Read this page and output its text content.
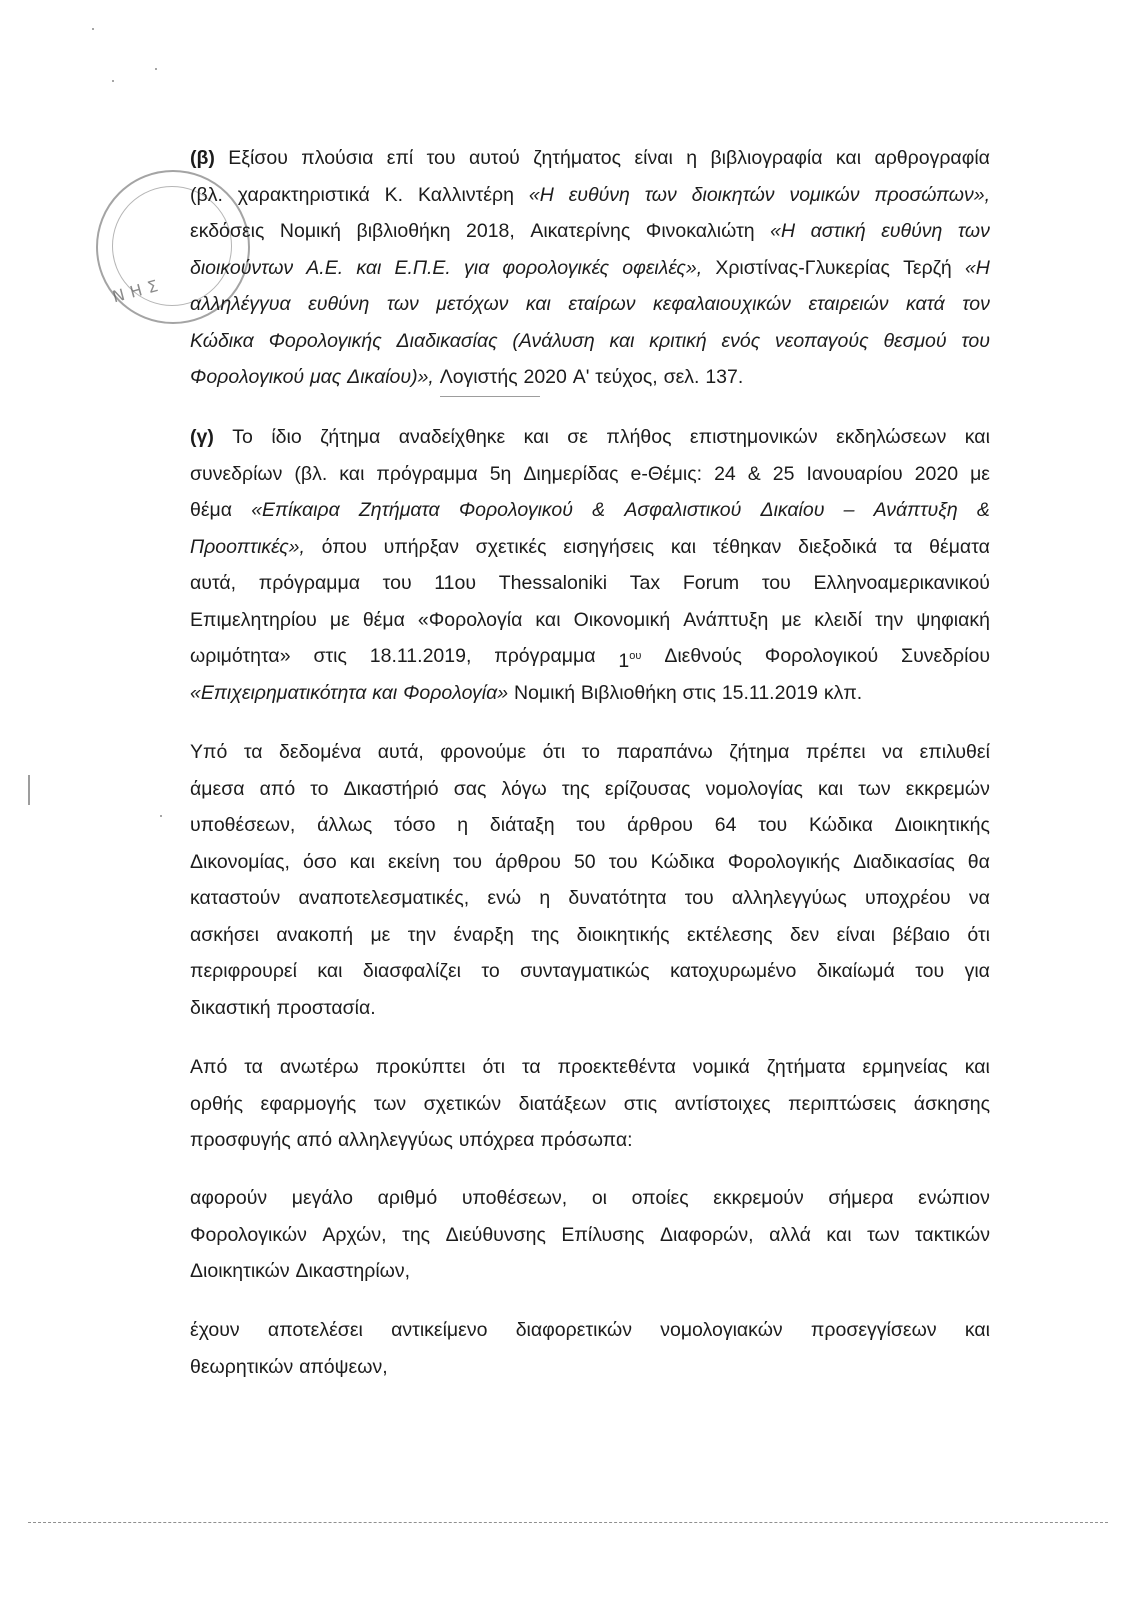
ΝΗΣ
(β) Εξίσου πλούσια επί του αυτού ζητήματος είναι η βιβλιογραφία και αρθρογραφία
(βλ. χαρακτηριστικά Κ. Καλλιντέρη «Η ευθύνη των διοικητών νομικών προσώπων»,
εκδόσεις Νομική βιβλιοθήκη 2018, Αικατερίνης Φινοκαλιώτη «Η αστική ευθύνη των
διοικούντων Α.Ε. και Ε.Π.Ε. για φορολογικές οφειλές», Χριστίνας-Γλυκερίας Τερζή «Η
αλληλέγγυα ευθύνη των μετόχων και εταίρων κεφαλαιουχικών εταιρειών κατά τον
Κώδικα Φορολογικής Διαδικασίας (Ανάλυση και κριτική ενός νεοπαγούς θεσμού του
Φορολογικού μας Δικαίου)», Λογιστής 2020 Α' τεύχος, σελ. 137.
(γ) Το ίδιο ζήτημα αναδείχθηκε και σε πλήθος επιστημονικών εκδηλώσεων και
συνεδρίων (βλ. και πρόγραμμα 5η Διημερίδας e-Θέμις: 24 & 25 Ιανουαρίου 2020 με
θέμα «Επίκαιρα Ζητήματα Φορολογικού & Ασφαλιστικού Δικαίου – Ανάπτυξη &
Προοπτικές», όπου υπήρξαν σχετικές εισηγήσεις και τέθηκαν διεξοδικά τα θέματα
αυτά, πρόγραμμα του 11ου Thessaloniki Tax Forum του Ελληνοαμερικανικού
Επιμελητηρίου με θέμα «Φορολογία και Οικονομική Ανάπτυξη με κλειδί την ψηφιακή
ωριμότητα» στις 18.11.2019, πρόγραμμα $1^{o\upsilon}$ Διεθνούς Φορολογικού Συνεδρίου
«Επιχειρηματικότητα και Φορολογία» Νομική Βιβλιοθήκη στις 15.11.2019 κλπ.
Υπό τα δεδομένα αυτά, φρονούμε ότι το παραπάνω ζήτημα πρέπει να επιλυθεί
άμεσα από το Δικαστήριό σας λόγω της ερίζουσας νομολογίας και των εκκρεμών
υποθέσεων, άλλως τόσο η διάταξη του άρθρου 64 του Κώδικα Διοικητικής
Δικονομίας, όσο και εκείνη του άρθρου 50 του Κώδικα Φορολογικής Διαδικασίας θα
καταστούν αναποτελεσματικές, ενώ η δυνατότητα του αλληλεγγύως υποχρέου να
ασκήσει ανακοπή με την έναρξη της διοικητικής εκτέλεσης δεν είναι βέβαιο ότι
περιφρουρεί και διασφαλίζει το συνταγματικώς κατοχυρωμένο δικαίωμά του για
δικαστική προστασία.
Από τα ανωτέρω προκύπτει ότι τα προεκτεθέντα νομικά ζητήματα ερμηνείας και
ορθής εφαρμογής των σχετικών διατάξεων στις αντίστοιχες περιπτώσεις άσκησης
προσφυγής από αλληλεγγύως υπόχρεα πρόσωπα:
αφορούν μεγάλο αριθμό υποθέσεων, οι οποίες εκκρεμούν σήμερα ενώπιον
Φορολογικών Αρχών, της Διεύθυνσης Επίλυσης Διαφορών, αλλά και των τακτικών
Διοικητικών Δικαστηρίων,
έχουν αποτελέσει αντικείμενο διαφορετικών νομολογιακών προσεγγίσεων και
θεωρητικών απόψεων,
